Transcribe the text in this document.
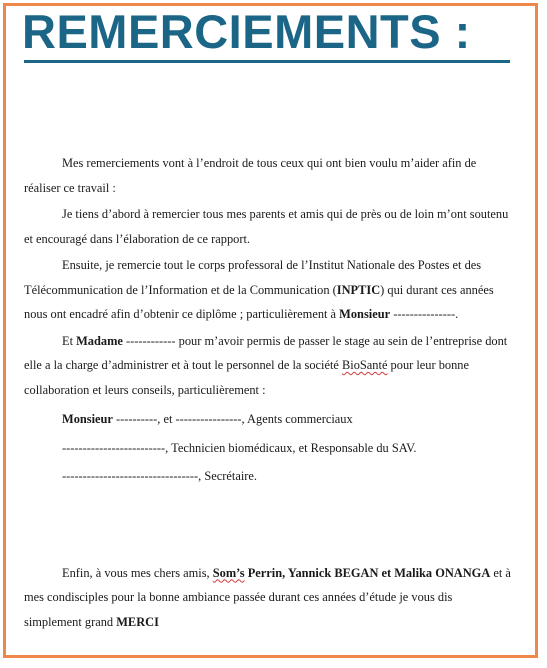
REMERCIEMENTS :

Mes remerciements vont à l’endroit de tous ceux qui ont bien voulu m’aider afin de réaliser ce travail :

Je tiens d’abord à remercier tous mes parents et amis qui de près ou de loin m’ont soutenu et encouragé dans l’élaboration de ce rapport.

Ensuite, je remercie tout le corps professoral de l’Institut Nationale des Postes et des Télécommunication de l’Information et de la Communication (INPTIC) qui durant ces années nous ont encadré afin d’obtenir ce diplôme ; particulièrement à Monsieur ---------------.

Et Madame ------------ pour m’avoir permis de passer le stage au sein de l’entreprise dont elle a la charge d’administrer et à tout le personnel de la société BioSanté pour leur bonne collaboration et leurs conseils, particulièrement :

Monsieur ----------, et ----------------, Agents commerciaux

-------------------------, Technicien biomédicaux, et Responsable du SAV.

---------------------------------, Secrétaire.

Enfin, à vous mes chers amis, Som’s Perrin, Yannick BEGAN et Malika ONANGA et à mes condisciples pour la bonne ambiance passée durant ces années d’étude je vous dis simplement grand MERCI
